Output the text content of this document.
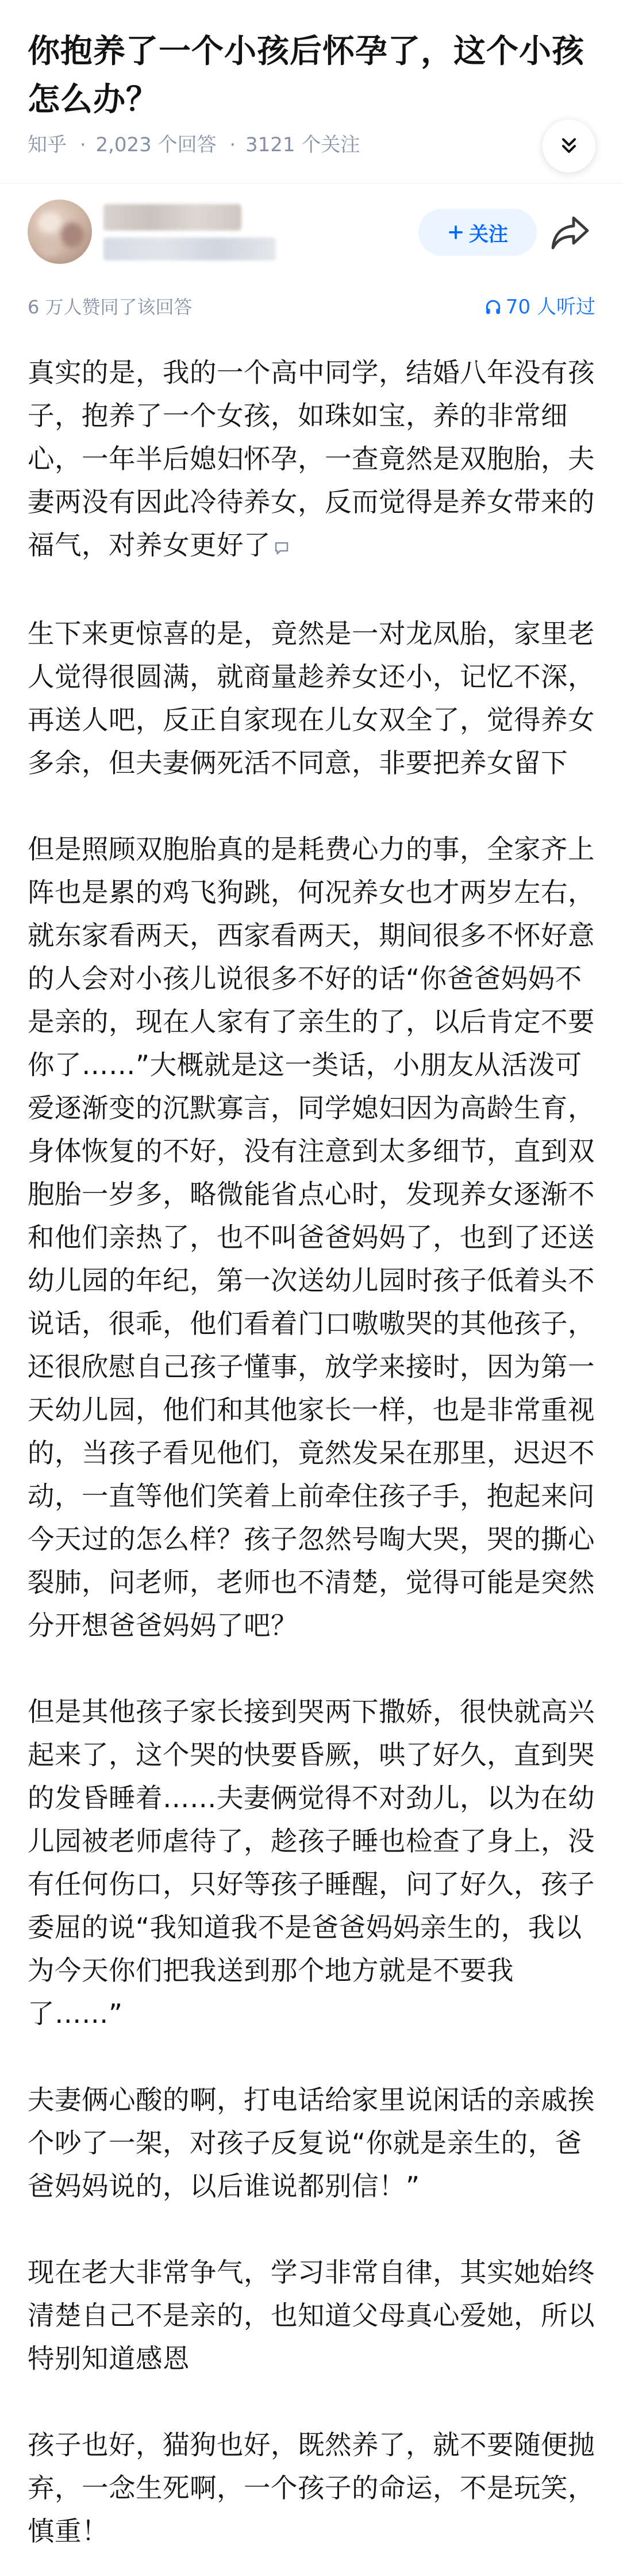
你抱养了一个小孩后怀孕了，这个小孩怎么办？
知乎 · 2,023 个回答 · 3121 个关注
关注
6 万人赞同了该回答	70 人听过

真实的是，我的一个高中同学，结婚八年没有孩子，抱养了一个女孩，如珠如宝，养的非常细心，一年半后媳妇怀孕，一查竟然是双胞胎，夫妻两没有因此冷待养女，反而觉得是养女带来的福气，对养女更好了

生下来更惊喜的是，竟然是一对龙凤胎，家里老人觉得很圆满，就商量趁养女还小，记忆不深，再送人吧，反正自家现在儿女双全了，觉得养女多余，但夫妻俩死活不同意，非要把养女留下

但是照顾双胞胎真的是耗费心力的事，全家齐上阵也是累的鸡飞狗跳，何况养女也才两岁左右，就东家看两天，西家看两天，期间很多不怀好意的人会对小孩儿说很多不好的话“你爸爸妈妈不是亲的，现在人家有了亲生的了，以后肯定不要你了……”大概就是这一类话，小朋友从活泼可爱逐渐变的沉默寡言，同学媳妇因为高龄生育，身体恢复的不好，没有注意到太多细节，直到双胞胎一岁多，略微能省点心时，发现养女逐渐不和他们亲热了，也不叫爸爸妈妈了，也到了还送幼儿园的年纪，第一次送幼儿园时孩子低着头不说话，很乖，他们看着门口嗷嗷哭的其他孩子，还很欣慰自己孩子懂事，放学来接时，因为第一天幼儿园，他们和其他家长一样，也是非常重视的，当孩子看见他们，竟然发呆在那里，迟迟不动，一直等他们笑着上前牵住孩子手，抱起来问今天过的怎么样？孩子忽然号啕大哭，哭的撕心裂肺，问老师，老师也不清楚，觉得可能是突然分开想爸爸妈妈了吧？

但是其他孩子家长接到哭两下撒娇，很快就高兴起来了，这个哭的快要昏厥，哄了好久，直到哭的发昏睡着……夫妻俩觉得不对劲儿，以为在幼儿园被老师虐待了，趁孩子睡也检查了身上，没有任何伤口，只好等孩子睡醒，问了好久，孩子委屈的说“我知道我不是爸爸妈妈亲生的，我以为今天你们把我送到那个地方就是不要我了……”

夫妻俩心酸的啊，打电话给家里说闲话的亲戚挨个吵了一架，对孩子反复说“你就是亲生的，爸爸妈妈说的，以后谁说都别信！”

现在老大非常争气，学习非常自律，其实她始终清楚自己不是亲的，也知道父母真心爱她，所以特别知道感恩

孩子也好，猫狗也好，既然养了，就不要随便抛弃，一念生死啊，一个孩子的命运，不是玩笑，慎重！
